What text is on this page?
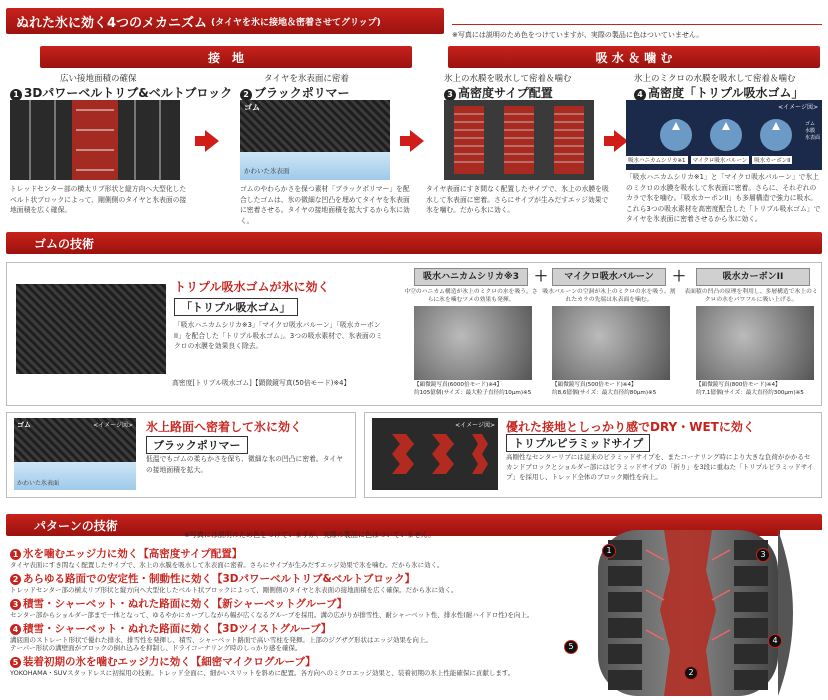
ぬれた氷に効く4つのメカニズム (タイヤを氷に接地＆密着させてグリップ)
※写真には説明のため色をつけていますが、実際の製品に色はついていません。
接　地	吸 水 ＆ 噛 む
広い接地面積の確保
1 3Dパワーベルトリブ&ベルトブロック
トレッドセンター部の横太リブ形状と縦方向へ大型化したベルト状ブロックによって、剛側側のタイヤと氷表面の接地面積を広く確保。
タイヤを氷表面に密着
2 ブラックポリマー
ゴム
かわいた氷表面
ゴムのやわらかさを保つ素材「ブラックポリマー」を配合したゴムは、氷の微細な凹凸を埋めてタイヤを氷表面に密着させる。タイヤの接地面積を拡大するから氷に効く。
氷上の水膜を吸水して密着＆噛む
3 高密度サイプ配置
タイヤ表面にすき間なく配置したサイプで、氷上の水膜を吸水して氷表面に密着。さらにサイプが生みだすエッジ効果で氷を噛む。だから氷に効く。
氷上のミクロの水膜を吸水して密着＆噛む
4 高密度「トリプル吸水ゴム」
<イメージ図>
吸水ハニカムシリカ※1	マイクロ吸水バルーン	吸水カーボンII
ゴム
水膜
氷表面
「吸水ハニカムシリカ※1」と「マイクロ吸水バルーン」で氷上のミクロの水膜を吸水して氷表面に密着。さらに、それぞれのカラで氷を噛む。「吸水カーボンII」も多層構造で強力に吸水。これら3つの吸水素材を高密度配合した「トリプル吸水ゴム」でタイヤを氷表面に密着させるから氷に効く。
ゴムの技術
トリプル吸水ゴムが氷に効く
「トリプル吸水ゴム」
「吸水ハニカムシリカ※3」「マイクロ吸水バルーン」「吸水カーボンII」を配合した「トリプル吸水ゴム」。3つの吸水素材で、氷表面のミクロの水膜を効果良く除去。
高密度[トリプル吸水ゴム]【顕微鏡写真(50倍モード)※4】
吸水ハニカムシリカ※3	＋	マイクロ吸水バルーン	＋	吸水カーボンII
中空のハニカム構造が氷上のミクロの水を吸う。さらに氷を噛むツメの効果も発揮。
吸水バルーンの空洞が氷上のミクロの水を吸う。割れたカラの先端は氷表面を噛む。
表面積の凹凸の原理を利用し、多層構造で氷上のミクロの水をパワフルに吸い上げる。
【顕微鏡写真(6000倍モード)※4】
約105億個(サイズ：最大粒子直径約10μm)※5
【顕微鏡写真(500倍モード)※4】
約8,6億個(サイズ：最大直径約80μm)※5
【顕微鏡写真(800倍モード)※4】
約7,1億個(サイズ：最大直径約300μm)※5
ゴム	<イメージ図>
かわいた氷表面
氷上路面へ密着して氷に効く
ブラックポリマー
低温でもゴムの柔らかさを保ち、微細な氷の凹凸に密着。タイヤの接地面積を拡大。
<イメージ図> 優れた接地としっかり感でDRY・WETに効く
トリプルピラミッドサイプ
高剛性なセンターリブには従来のピラミッドサイプを、またコーナリング時により大きな負荷がかかるセカンドブロックとショルダー部にはピラミッドサイプの「折り」を3段に重ねた「トリプルピラミッドサイプ」を採用し、トレッド全体のブロック剛性を向上。
パターンの技術
※写真には説明のため色をつけていますが、実際の製品に色はついていません。
1 氷を噛むエッジ力に効く【高密度サイプ配置】
タイヤ表面にすき間なく配置したサイプで、氷上の水膜を吸水して氷表面に密着。さらにサイプが生みだすエッジ効果で氷を噛む。だから氷に効く。
2 あらゆる路面での安定性・制動性に効く【3Dパワーベルトリブ&ベルトブロック】
トレッドセンター部の横太リブ形状と縦方向へ大型化したベルト状ブロックによって、剛側側のタイヤと氷表面の接地面積を広く確保。だから氷に効く。
3 積雪・シャーベット・ぬれた路面に効く【新シャーベットグルーブ】
センター部からショルダー部まで一体となって、ゆるやかにカーブしながら幅が広くなるグルーブを採用。溝の広がりが排雪性、耐シャーベット性、排水性(耐ハイドロ性)を向上。
4 積雪・シャーベット・ぬれた路面に効く【3Dツイストグルーブ】
溝底面のストレート形状で優れた排水、排雪性を発揮し、積雪、シャーベット路面で高い雪柱を発揮。上部のジグザグ形状はエッジ効果を向上。
テーパー形状の溝壁面がブロックの倒れ込みを抑制し、ドライコーナリング時のしっかり感を確保。
5 装着初期の氷を噛むエッジ力に効く【細密マイクログルーブ】
YOKOHAMA・SUVスタッドレスに初採用の技術。トレッド全面に、細かいスリットを斜めに配置。各方向へのミクロエッジ効果と、装着初期の氷上性能確保に貢献します。
1
2
3
4
5
